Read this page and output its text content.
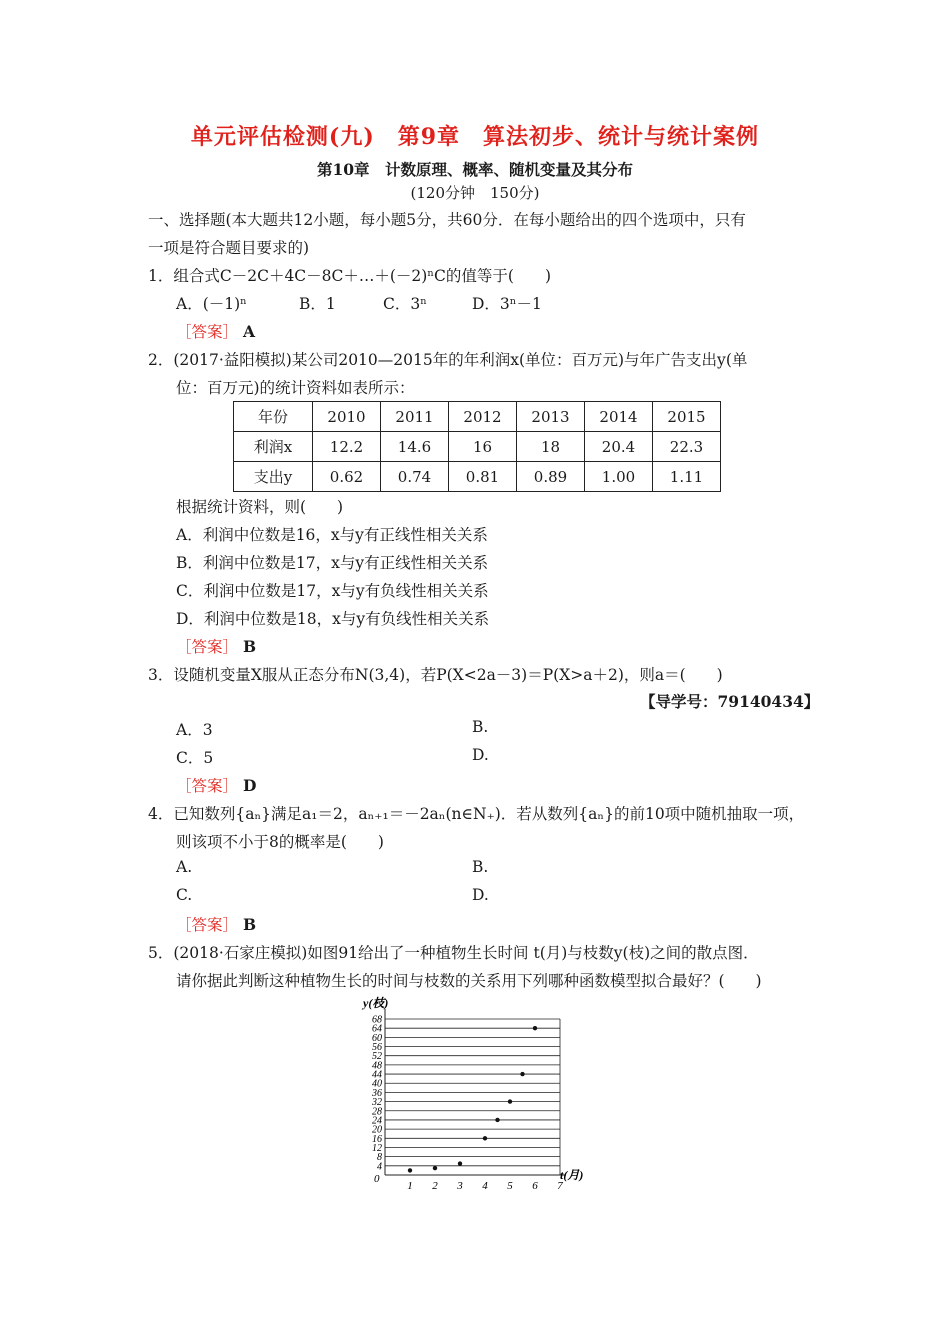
单元评估检测(九)　第9章　算法初步、统计与统计案例
第10章　计数原理、概率、随机变量及其分布
(120分钟　150分)
一、选择题(本大题共12小题，每小题5分，共60分．在每小题给出的四个选项中，只有
一项是符合题目要求的)
1．组合式C－2C＋4C－8C＋…＋(－2)ⁿC的值等于(　　)
A．(－1)ⁿ	B．1	C．3ⁿ	D．3ⁿ－1
［答案］ A
2．(2017·益阳模拟)某公司2010—2015年的年利润x(单位：百万元)与年广告支出y(单
位：百万元)的统计资料如表所示：
年份	2010	2011	2012	2013	2014	2015
利润x	12.2	14.6	16	18	20.4	22.3
支出y	0.62	0.74	0.81	0.89	1.00	1.11
根据统计资料，则(　　)
A．利润中位数是16，x与y有正线性相关关系
B．利润中位数是17，x与y有正线性相关关系
C．利润中位数是17，x与y有负线性相关关系
D．利润中位数是18，x与y有负线性相关关系
［答案］ B
3．设随机变量X服从正态分布N(3,4)，若P(X<2a－3)＝P(X>a＋2)，则a＝(　　)
【导学号：79140434】
A．3	B.
C．5	D.
［答案］ D
4．已知数列{aₙ}满足a₁＝2，aₙ₊₁＝－2aₙ(n∈N₊)．若从数列{aₙ}的前10项中随机抽取一项，
则该项不小于8的概率是(　　)
A.	B.
C.	D.
［答案］ B
5．(2018·石家庄模拟)如图91给出了一种植物生长时间 t(月)与枝数y(枝)之间的散点图．
请你据此判断这种植物生长的时间与枝数的关系用下列哪种函数模型拟合最好？(　　)
4
8
12
16
20
24
28
32
36
40
44
48
52
56
60
64
68
1 2 3 4 5 6 7
y(枝)
t(月)
0
